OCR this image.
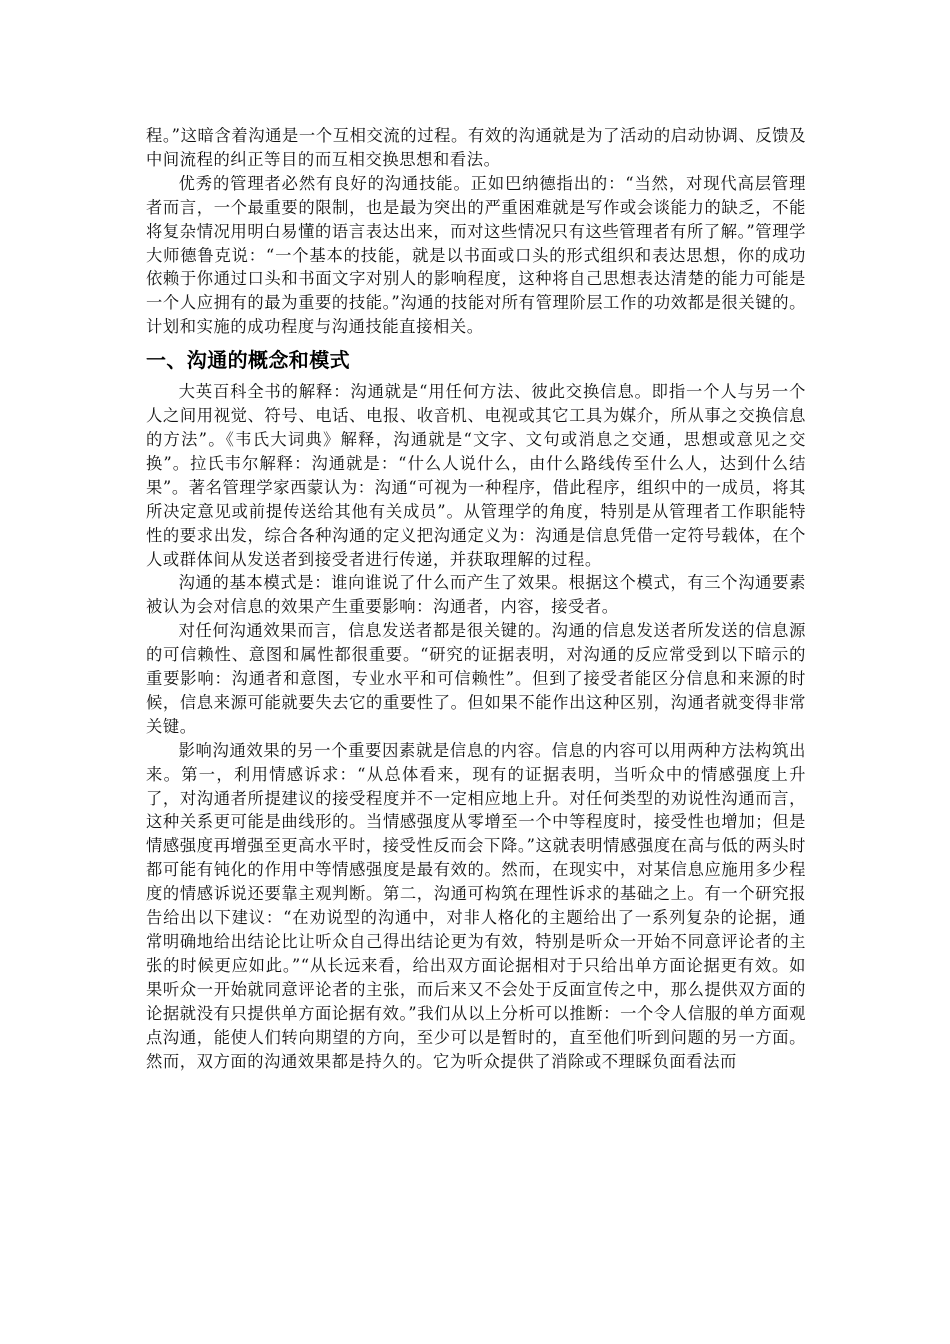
程。”这暗含着沟通是一个互相交流的过程。有效的沟通就是为了活动的启动协调、反馈及中间流程的纠正等目的而互相交换思想和看法。

优秀的管理者必然有良好的沟通技能。正如巴纳德指出的：“当然，对现代高层管理者而言，一个最重要的限制，也是最为突出的严重困难就是写作或会谈能力的缺乏，不能将复杂情况用明白易懂的语言表达出来，而对这些情况只有这些管理者有所了解。”管理学大师德鲁克说：“一个基本的技能，就是以书面或口头的形式组织和表达思想，你的成功依赖于你通过口头和书面文字对别人的影响程度，这种将自己思想表达清楚的能力可能是一个人应拥有的最为重要的技能。”沟通的技能对所有管理阶层工作的功效都是很关键的。计划和实施的成功程度与沟通技能直接相关。

一、沟通的概念和模式

大英百科全书的解释：沟通就是“用任何方法、彼此交换信息。即指一个人与另一个人之间用视觉、符号、电话、电报、收音机、电视或其它工具为媒介，所从事之交换信息的方法”。《韦氏大词典》解释，沟通就是“文字、文句或消息之交通，思想或意见之交换”。拉氏韦尔解释：沟通就是：“什么人说什么，由什么路线传至什么人，达到什么结果”。著名管理学家西蒙认为：沟通“可视为一种程序，借此程序，组织中的一成员，将其所决定意见或前提传送给其他有关成员”。从管理学的角度，特别是从管理者工作职能特性的要求出发，综合各种沟通的定义把沟通定义为：沟通是信息凭借一定符号载体，在个人或群体间从发送者到接受者进行传递，并获取理解的过程。

沟通的基本模式是：谁向谁说了什么而产生了效果。根据这个模式，有三个沟通要素被认为会对信息的效果产生重要影响：沟通者，内容，接受者。

对任何沟通效果而言，信息发送者都是很关键的。沟通的信息发送者所发送的信息源的可信赖性、意图和属性都很重要。“研究的证据表明，对沟通的反应常受到以下暗示的重要影响：沟通者和意图，专业水平和可信赖性”。但到了接受者能区分信息和来源的时候，信息来源可能就要失去它的重要性了。但如果不能作出这种区别，沟通者就变得非常关键。

影响沟通效果的另一个重要因素就是信息的内容。信息的内容可以用两种方法构筑出来。第一，利用情感诉求：“从总体看来，现有的证据表明，当听众中的情感强度上升了，对沟通者所提建议的接受程度并不一定相应地上升。对任何类型的劝说性沟通而言，这种关系更可能是曲线形的。当情感强度从零增至一个中等程度时，接受性也增加；但是情感强度再增强至更高水平时，接受性反而会下降。”这就表明情感强度在高与低的两头时都可能有钝化的作用中等情感强度是最有效的。然而，在现实中，对某信息应施用多少程度的情感诉说还要靠主观判断。第二，沟通可构筑在理性诉求的基础之上。有一个研究报告给出以下建议：“在劝说型的沟通中，对非人格化的主题给出了一系列复杂的论据，通常明确地给出结论比让听众自己得出结论更为有效，特别是听众一开始不同意评论者的主张的时候更应如此。”“从长远来看，给出双方面论据相对于只给出单方面论据更有效。如果听众一开始就同意评论者的主张，而后来又不会处于反面宣传之中，那么提供双方面的论据就没有只提供单方面论据有效。”我们从以上分析可以推断：一个令人信服的单方面观点沟通，能使人们转向期望的方向，至少可以是暂时的，直至他们听到问题的另一方面。然而，双方面的沟通效果都是持久的。它为听众提供了消除或不理睬负面看法而
